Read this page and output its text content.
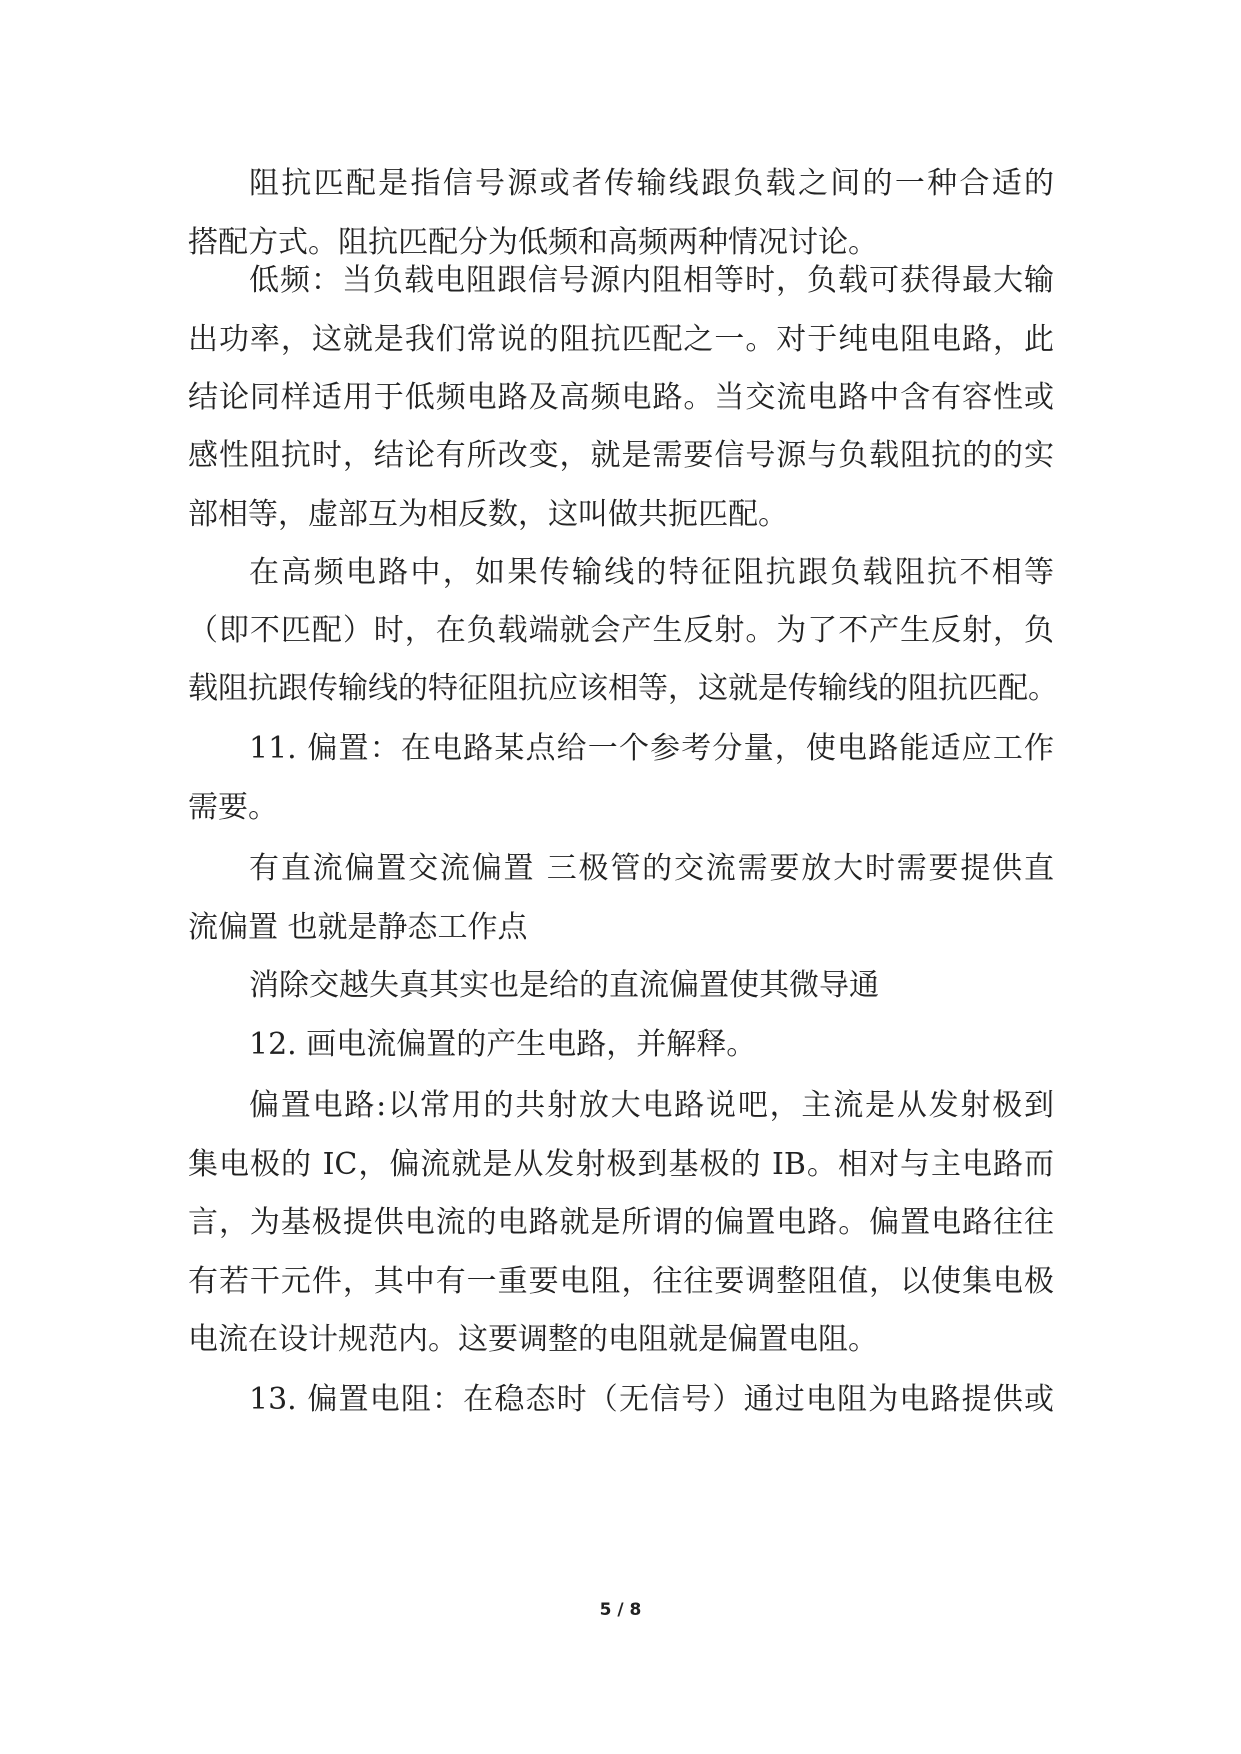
阻抗匹配是指信号源或者传输线跟负载之间的一种合适的
搭配方式。阻抗匹配分为低频和高频两种情况讨论。
低频：当负载电阻跟信号源内阻相等时，负载可获得最大输
出功率，这就是我们常说的阻抗匹配之一。对于纯电阻电路，此
结论同样适用于低频电路及高频电路。当交流电路中含有容性或
感性阻抗时，结论有所改变，就是需要信号源与负载阻抗的的实
部相等，虚部互为相反数，这叫做共扼匹配。
在高频电路中，如果传输线的特征阻抗跟负载阻抗不相等
（即不匹配）时，在负载端就会产生反射。为了不产生反射，负
载阻抗跟传输线的特征阻抗应该相等，这就是传输线的阻抗匹配。
11. 偏置：在电路某点给一个参考分量，使电路能适应工作
需要。
有直流偏置交流偏置 三极管的交流需要放大时需要提供直
流偏置 也就是静态工作点
消除交越失真其实也是给的直流偏置使其微导通
12. 画电流偏置的产生电路，并解释。
偏置电路:以常用的共射放大电路说吧，主流是从发射极到
集电极的 IC，偏流就是从发射极到基极的 IB。相对与主电路而
言，为基极提供电流的电路就是所谓的偏置电路。偏置电路往往
有若干元件，其中有一重要电阻，往往要调整阻值，以使集电极
电流在设计规范内。这要调整的电阻就是偏置电阻。
13. 偏置电阻：在稳态时（无信号）通过电阻为电路提供或
5 / 8
